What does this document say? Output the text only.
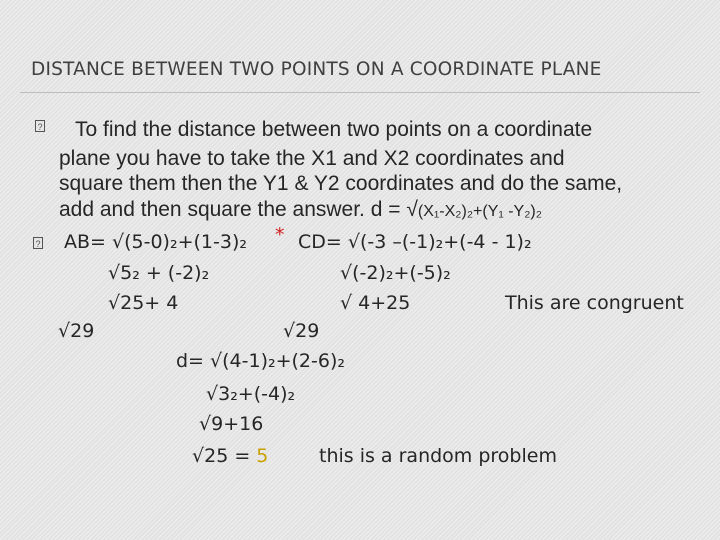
DISTANCE BETWEEN TWO POINTS ON A COORDINATE PLANE
? To find the distance between two points on a coordinate
plane you have to take the X1 and X2 coordinates and
square them then the Y1 & Y2 coordinates and do the same,
add and then square the answer. d = √(X₁-X₂)₂+(Y₁ -Y₂)₂
? AB= √(5-0)₂+(1-3)₂ * CD= √(-3 –(-1)₂+(-4 - 1)₂
√5₂ + (-2)₂	√(-2)₂+(-5)₂
√25+ 4	√ 4+25	This are congruent
√29	√29
d= √(4-1)₂+(2-6)₂
√3₂+(-4)₂
√9+16
√25 = 5	this is a random problem
